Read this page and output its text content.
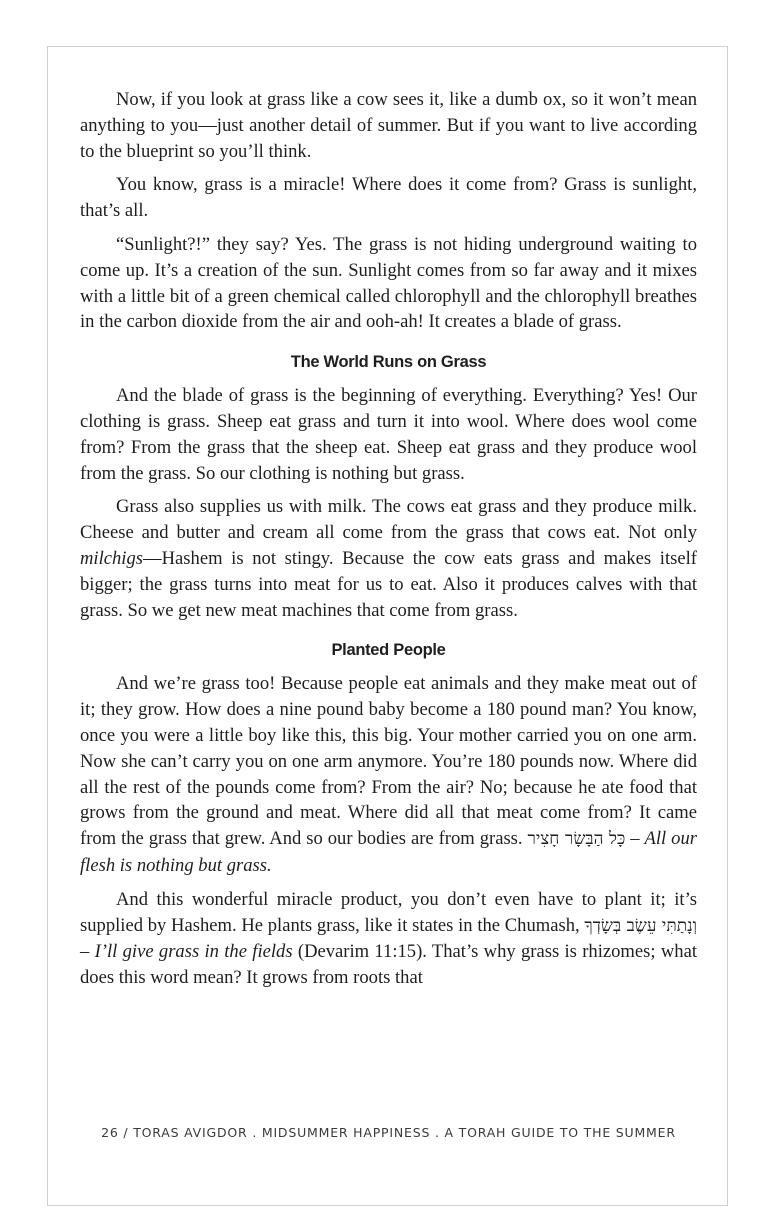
Now, if you look at grass like a cow sees it, like a dumb ox, so it won’t mean anything to you—just another detail of summer. But if you want to live according to the blueprint so you’ll think.

You know, grass is a miracle! Where does it come from? Grass is sunlight, that’s all.

“Sunlight?!” they say? Yes. The grass is not hiding underground waiting to come up. It’s a creation of the sun. Sunlight comes from so far away and it mixes with a little bit of a green chemical called chlorophyll and the chlorophyll breathes in the carbon dioxide from the air and ooh-ah! It creates a blade of grass.

The World Runs on Grass

And the blade of grass is the beginning of everything. Everything? Yes! Our clothing is grass. Sheep eat grass and turn it into wool. Where does wool come from? From the grass that the sheep eat. Sheep eat grass and they produce wool from the grass. So our clothing is nothing but grass.

Grass also supplies us with milk. The cows eat grass and they produce milk. Cheese and butter and cream all come from the grass that cows eat. Not only milchigs—Hashem is not stingy. Because the cow eats grass and makes itself bigger; the grass turns into meat for us to eat. Also it produces calves with that grass. So we get new meat machines that come from grass.

Planted People

And we’re grass too! Because people eat animals and they make meat out of it; they grow. How does a nine pound baby become a 180 pound man? You know, once you were a little boy like this, this big. Your mother carried you on one arm. Now she can’t carry you on one arm anymore. You’re 180 pounds now. Where did all the rest of the pounds come from? From the air? No; because he ate food that grows from the ground and meat. Where did all that meat come from? It came from the grass that grew. And so our bodies are from grass. כָּל הַבָּשָׂר חָצִיר – All our flesh is nothing but grass.

And this wonderful miracle product, you don’t even have to plant it; it’s supplied by Hashem. He plants grass, like it states in the Chumash, וְנָתַתִּי עֵשֶׂב בְּשָׂדְךָ – I’ll give grass in the fields (Devarim 11:15). That’s why grass is rhizomes; what does this word mean? It grows from roots that

26 / TORAS AVIGDOR . MIDSUMMER HAPPINESS . A TORAH GUIDE TO THE SUMMER
